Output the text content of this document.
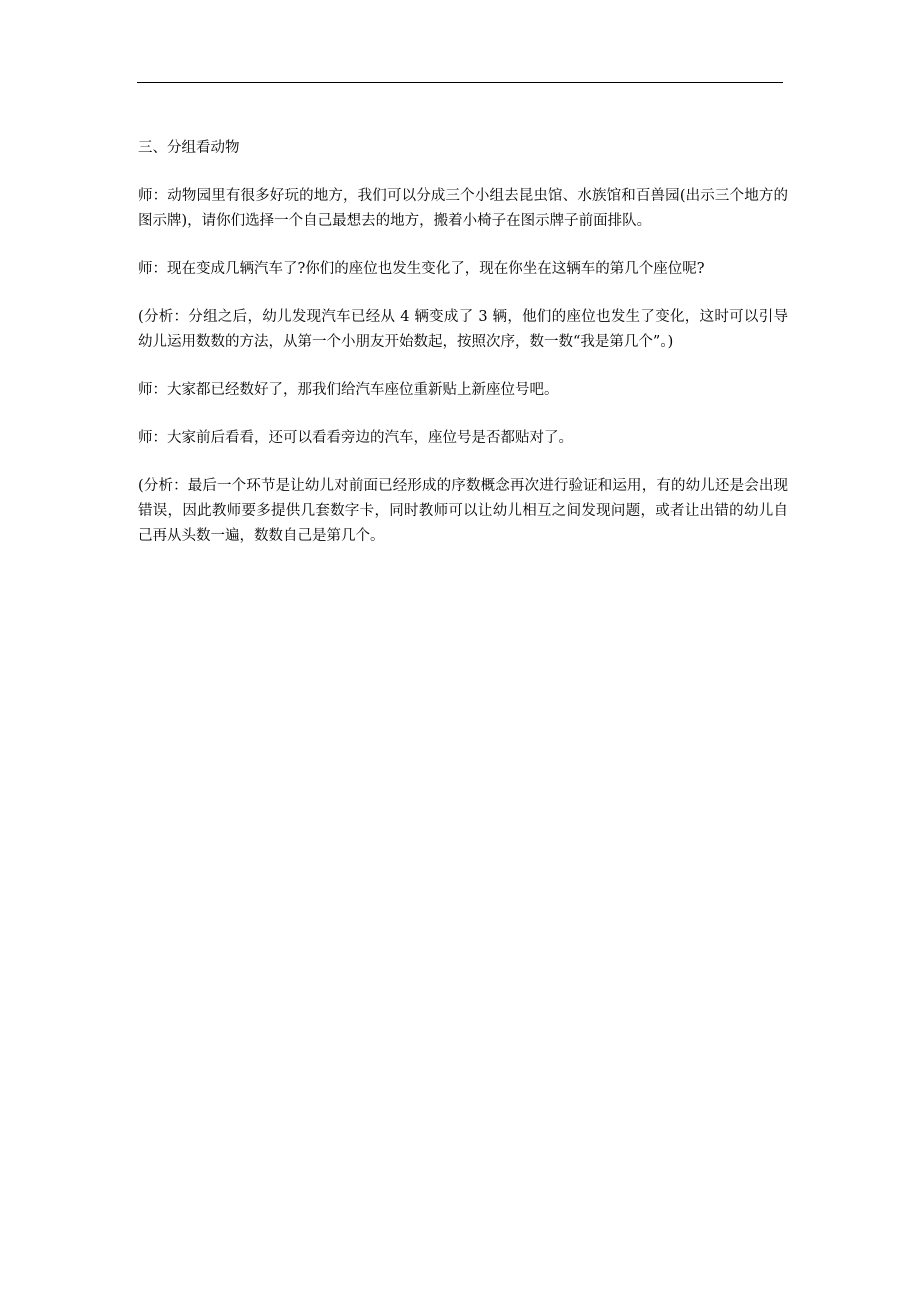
三、分组看动物

师：动物园里有很多好玩的地方，我们可以分成三个小组去昆虫馆、水族馆和百兽园(出示三个地方的图示牌)，请你们选择一个自己最想去的地方，搬着小椅子在图示牌子前面排队。

师：现在变成几辆汽车了?你们的座位也发生变化了，现在你坐在这辆车的第几个座位呢?

(分析：分组之后，幼儿发现汽车已经从 4 辆变成了 3 辆，他们的座位也发生了变化，这时可以引导幼儿运用数数的方法，从第一个小朋友开始数起，按照次序，数一数“我是第几个”。)

师：大家都已经数好了，那我们给汽车座位重新贴上新座位号吧。

师：大家前后看看，还可以看看旁边的汽车，座位号是否都贴对了。

(分析：最后一个环节是让幼儿对前面已经形成的序数概念再次进行验证和运用，有的幼儿还是会出现错误，因此教师要多提供几套数字卡，同时教师可以让幼儿相互之间发现问题，或者让出错的幼儿自己再从头数一遍，数数自己是第几个。
